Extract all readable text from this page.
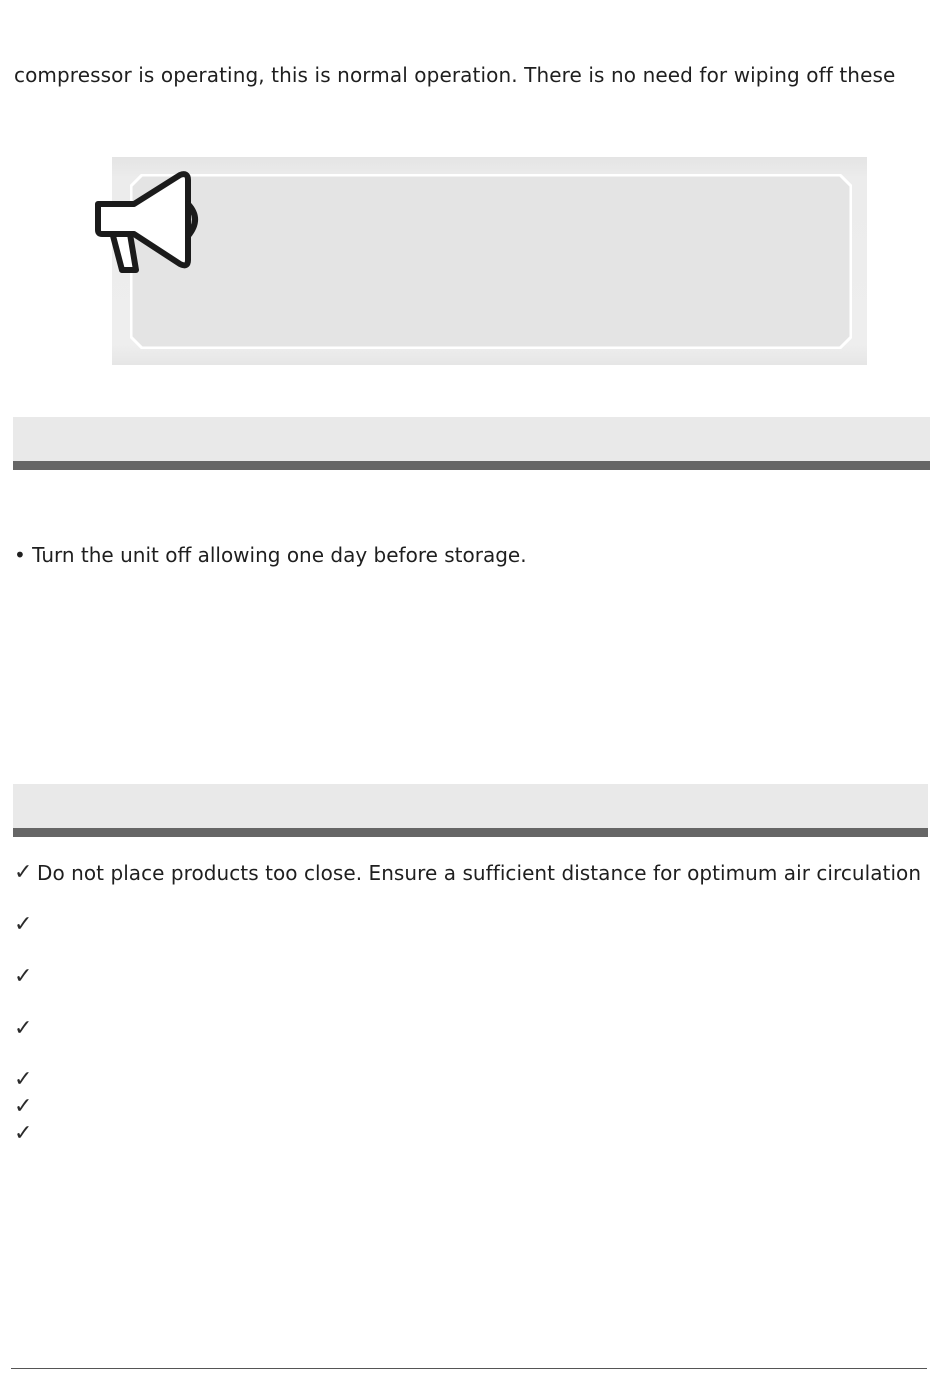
compressor is operating, this is normal operation. There is no need for wiping off these
• Turn the unit off allowing one day before storage.
✓ Do not place products too close. Ensure a sufficient distance for optimum air circulation
✓
✓
✓
✓
✓
✓
